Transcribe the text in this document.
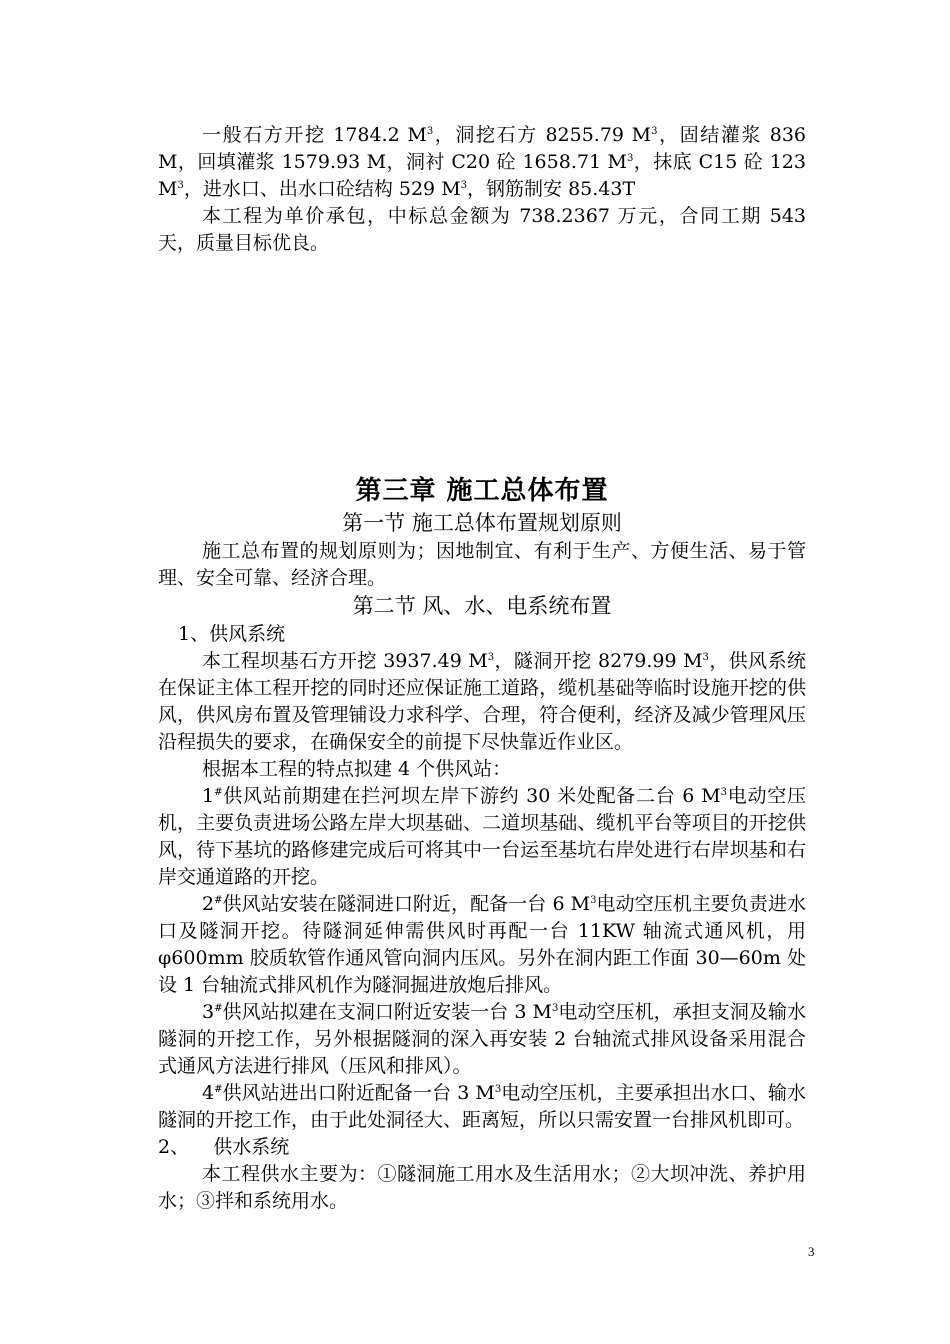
一般石方开挖 1784.2 $M^3$，洞挖石方 8255.79 $M^3$，固结灌浆 836 M，回填灌浆 1579.93 M，洞衬 C20 砼 1658.71 $M^3$，抹底 C15 砼 123 $M^3$，进水口、出水口砼结构 529 $M^3$，钢筋制安 85.43T

本工程为单价承包，中标总金额为 738.2367 万元，合同工期 543 天，质量目标优良。

第三章 施工总体布置
第一节 施工总体布置规划原则

施工总布置的规划原则为；因地制宜、有利于生产、方便生活、易于管理、安全可靠、经济合理。

第二节 风、水、电系统布置

1、供风系统

本工程坝基石方开挖 3937.49 $M^3$，隧洞开挖 8279.99 $M^3$，供风系统在保证主体工程开挖的同时还应保证施工道路，缆机基础等临时设施开挖的供风，供风房布置及管理铺设力求科学、合理，符合便利，经济及减少管理风压沿程损失的要求，在确保安全的前提下尽快靠近作业区。

根据本工程的特点拟建 4 个供风站：

1#供风站前期建在拦河坝左岸下游约 30 米处配备二台 6 $M^3$电动空压机，主要负责进场公路左岸大坝基础、二道坝基础、缆机平台等项目的开挖供风，待下基坑的路修建完成后可将其中一台运至基坑右岸处进行右岸坝基和右岸交通道路的开挖。

2#供风站安装在隧洞进口附近，配备一台 6 $M^3$电动空压机主要负责进水口及隧洞开挖。待隧洞延伸需供风时再配一台 11KW 轴流式通风机，用 φ600mm 胶质软管作通风管向洞内压风。另外在洞内距工作面 30—60m 处设 1 台轴流式排风机作为隧洞掘进放炮后排风。

3#供风站拟建在支洞口附近安装一台 3 $M^3$电动空压机，承担支洞及输水隧洞的开挖工作，另外根据隧洞的深入再安装 2 台轴流式排风设备采用混合式通风方法进行排风（压风和排风）。

4#供风站进出口附近配备一台 3 $M^3$电动空压机，主要承担出水口、输水隧洞的开挖工作，由于此处洞径大、距离短，所以只需安置一台排风机即可。

2、    供水系统

本工程供水主要为：①隧洞施工用水及生活用水；②大坝冲洗、养护用水；③拌和系统用水。

3
